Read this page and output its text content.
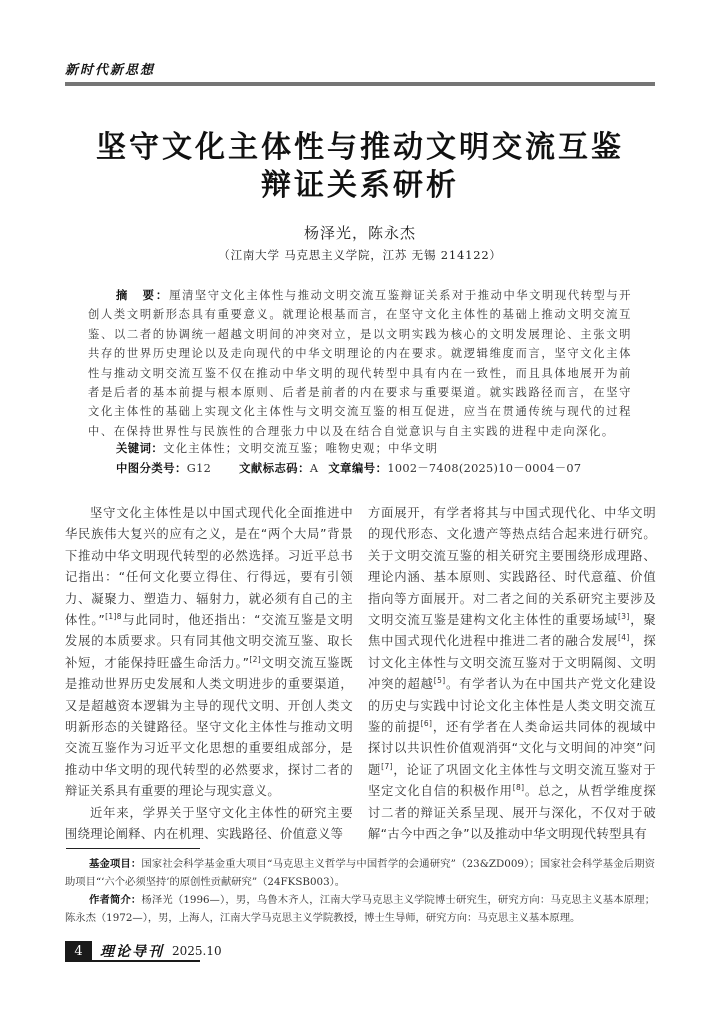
新时代新思想
坚守文化主体性与推动文明交流互鉴
辩证关系研析
杨泽光，陈永杰
（江南大学 马克思主义学院，江苏 无锡 214122）
摘　要：厘清坚守文化主体性与推动文明交流互鉴辩证关系对于推动中华文明现代转型与开创人类文明新形态具有重要意义。就理论根基而言，在坚守文化主体性的基础上推动文明交流互鉴、以二者的协调统一超越文明间的冲突对立，是以文明实践为核心的文明发展理论、主张文明共存的世界历史理论以及走向现代的中华文明理论的内在要求。就逻辑维度而言，坚守文化主体性与推动文明交流互鉴不仅在推动中华文明的现代转型中具有内在一致性，而且具体地展开为前者是后者的基本前提与根本原则、后者是前者的内在要求与重要渠道。就实践路径而言，在坚守文化主体性的基础上实现文化主体性与文明交流互鉴的相互促进，应当在贯通传统与现代的过程中、在保持世界性与民族性的合理张力中以及在结合自觉意识与自主实践的进程中走向深化。
关键词：文化主体性；文明交流互鉴；唯物史观；中华文明
中图分类号：G12 文献标志码：A 文章编号：1002－7408(2025)10－0004－07

坚守文化主体性是以中国式现代化全面推进中华民族伟大复兴的应有之义，是在“两个大局”背景下推动中华文明现代转型的必然选择。习近平总书记指出：“任何文化要立得住、行得远，要有引领力、凝聚力、塑造力、辐射力，就必须有自己的主体性。”$^{[1]8}$与此同时，他还指出：“交流互鉴是文明发展的本质要求。只有同其他文明交流互鉴、取长补短，才能保持旺盛生命活力。”[2]文明交流互鉴既是推动世界历史发展和人类文明进步的重要渠道，又是超越资本逻辑为主导的现代文明、开创人类文明新形态的关键路径。坚守文化主体性与推动文明交流互鉴作为习近平文化思想的重要组成部分，是推动中华文明的现代转型的必然要求，探讨二者的辩证关系具有重要的理论与现实意义。

近年来，学界关于坚守文化主体性的研究主要围绕理论阐释、内在机理、实践路径、价值意义等

方面展开，有学者将其与中国式现代化、中华文明的现代形态、文化遗产等热点结合起来进行研究。关于文明交流互鉴的相关研究主要围绕形成理路、理论内涵、基本原则、实践路径、时代意蕴、价值指向等方面展开。对二者之间的关系研究主要涉及文明交流互鉴是建构文化主体性的重要场域[3]，聚焦中国式现代化进程中推进二者的融合发展[4]，探讨文化主体性与文明交流互鉴对于文明隔阂、文明冲突的超越[5]。有学者认为在中国共产党文化建设的历史与实践中讨论文化主体性是人类文明交流互鉴的前提[6]，还有学者在人类命运共同体的视域中探讨以共识性价值观消弭“文化与文明间的冲突”问题[7]，论证了巩固文化主体性与文明交流互鉴对于坚定文化自信的积极作用[8]。总之，从哲学维度探讨二者的辩证关系呈现、展开与深化，不仅对于破解“古今中西之争”以及推动中华文明现代转型具有

基金项目：国家社会科学基金重大项目“马克思主义哲学与中国哲学的会通研究”（23&ZD009）；国家社会科学基金后期资助项目“‘六个必须坚持’的原创性贡献研究”（24FKSB003）。

作者简介：杨泽光（1996—），男，乌鲁木齐人，江南大学马克思主义学院博士研究生，研究方向：马克思主义基本原理；陈永杰（1972—），男，上海人，江南大学马克思主义学院教授，博士生导师，研究方向：马克思主义基本原理。

4	理论导刊 2025.10
